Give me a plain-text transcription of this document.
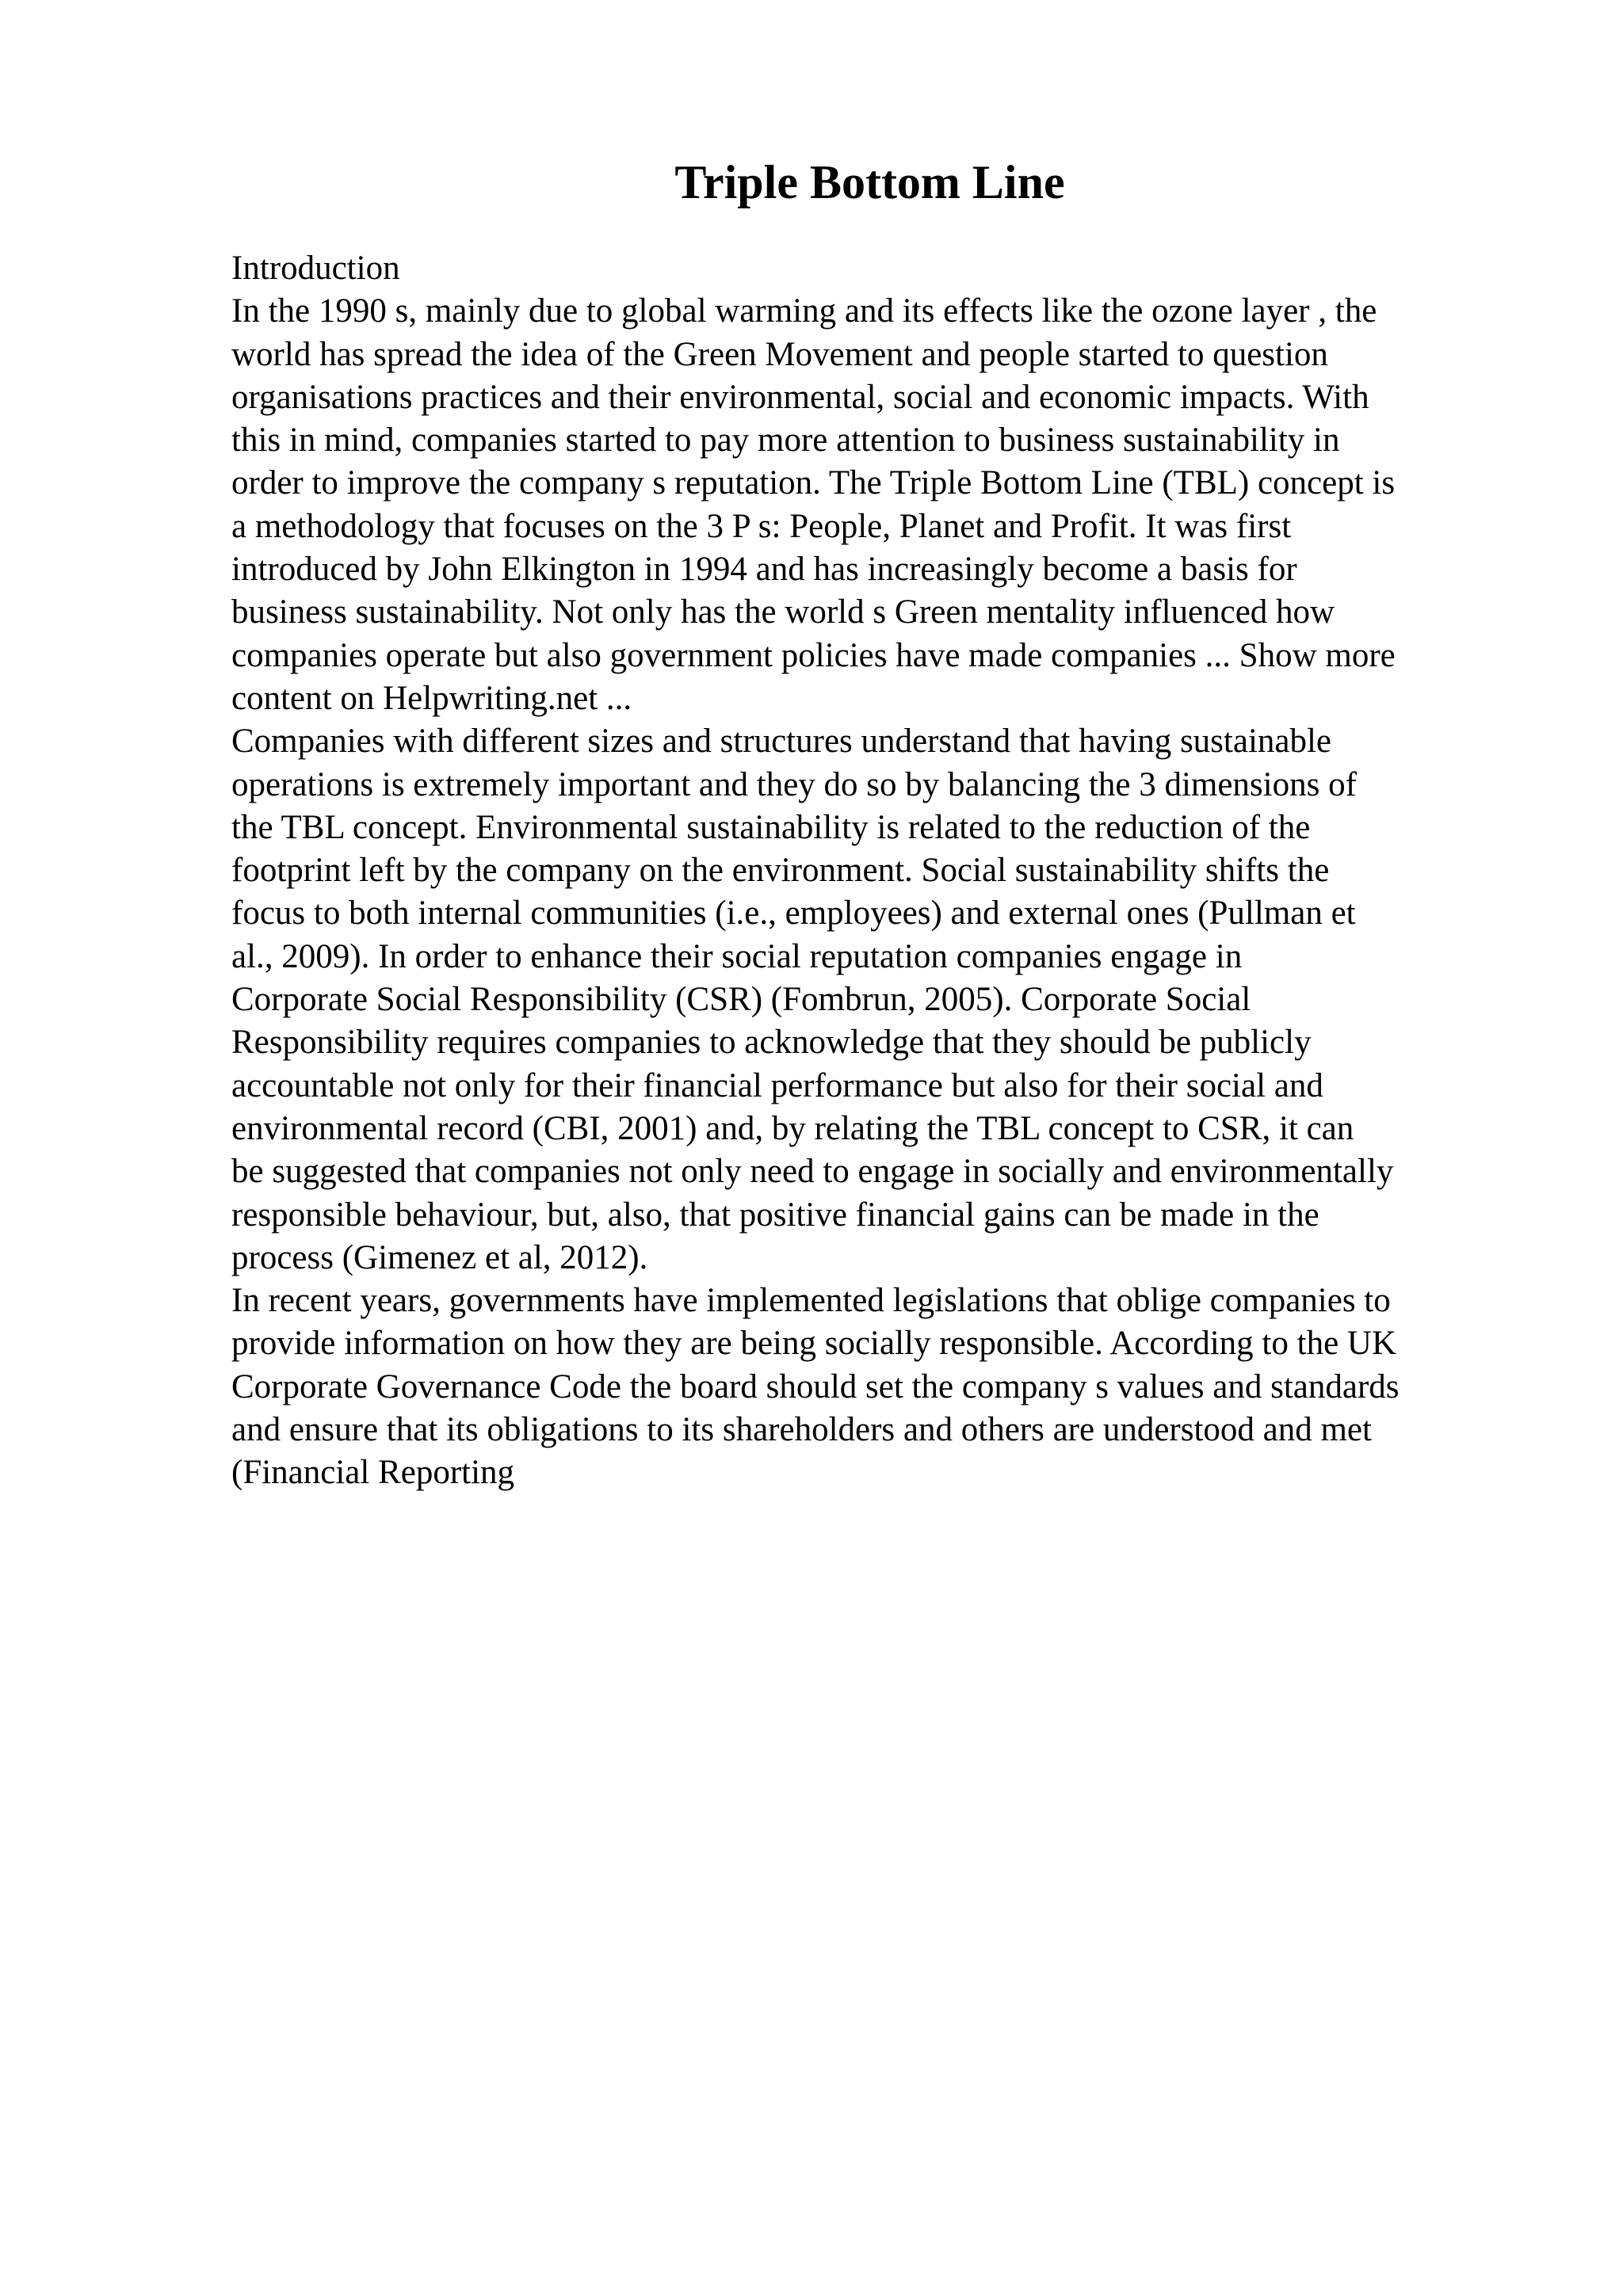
Triple Bottom Line
Introduction
In the 1990 s, mainly due to global warming and its effects like the ozone layer , the
world has spread the idea of the Green Movement and people started to question
organisations practices and their environmental, social and economic impacts. With
this in mind, companies started to pay more attention to business sustainability in
order to improve the company s reputation. The Triple Bottom Line (TBL) concept is
a methodology that focuses on the 3 P s: People, Planet and Profit. It was first
introduced by John Elkington in 1994 and has increasingly become a basis for
business sustainability. Not only has the world s Green mentality influenced how
companies operate but also government policies have made companies ... Show more
content on Helpwriting.net ...
Companies with different sizes and structures understand that having sustainable
operations is extremely important and they do so by balancing the 3 dimensions of
the TBL concept. Environmental sustainability is related to the reduction of the
footprint left by the company on the environment. Social sustainability shifts the
focus to both internal communities (i.e., employees) and external ones (Pullman et
al., 2009). In order to enhance their social reputation companies engage in
Corporate Social Responsibility (CSR) (Fombrun, 2005). Corporate Social
Responsibility requires companies to acknowledge that they should be publicly
accountable not only for their financial performance but also for their social and
environmental record (CBI, 2001) and, by relating the TBL concept to CSR, it can
be suggested that companies not only need to engage in socially and environmentally
responsible behaviour, but, also, that positive financial gains can be made in the
process (Gimenez et al, 2012).
In recent years, governments have implemented legislations that oblige companies to
provide information on how they are being socially responsible. According to the UK
Corporate Governance Code the board should set the company s values and standards
and ensure that its obligations to its shareholders and others are understood and met
(Financial Reporting
